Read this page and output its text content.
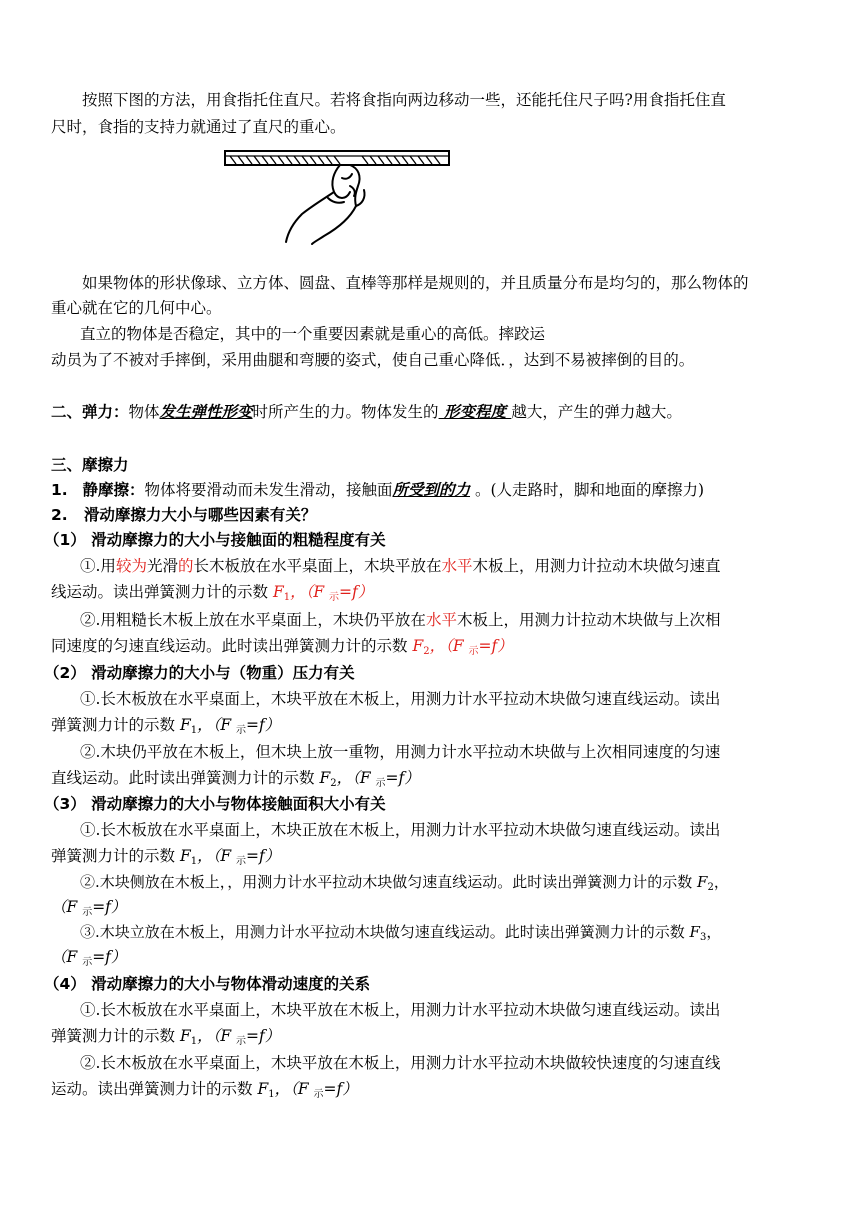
按照下图的方法，用食指托住直尺。若将食指向两边移动一些，还能托住尺子吗?用食指托住直
尺时，食指的支持力就通过了直尺的重心。
如果物体的形状像球、立方体、圆盘、直棒等那样是规则的，并且质量分布是均匀的，那么物体的
重心就在它的几何中心。
直立的物体是否稳定，其中的一个重要因素就是重心的高低。摔跤运
动员为了不被对手摔倒，采用曲腿和弯腰的姿式，使自己重心降低．，达到不易被摔倒的目的。
二、弹力：物体发生弹性形变时所产生的力。物体发生的 形变程度 越大，产生的弹力越大。
三、摩擦力
1. 静摩擦：物体将要滑动而未发生滑动，接触面所受到的力 。(人走路时，脚和地面的摩擦力)
2. 滑动摩擦力大小与哪些因素有关？
（1） 滑动摩擦力的大小与接触面的粗糙程度有关
①.用较为光滑的长木板放在水平桌面上，木块平放在水平木板上，用测力计拉动木块做匀速直
线运动。读出弹簧测力计的示数 $F_1$，（F $_示$=f）
②.用粗糙长木板上放在水平桌面上，木块仍平放在水平木板上，用测力计拉动木块做与上次相
同速度的匀速直线运动。此时读出弹簧测力计的示数 $F_2$，（F $_示$=f）
（2） 滑动摩擦力的大小与（物重）压力有关
①.长木板放在水平桌面上，木块平放在木板上，用测力计水平拉动木块做匀速直线运动。读出
弹簧测力计的示数 $F_1$，（F $_示$=f）
②.木块仍平放在木板上，但木块上放一重物，用测力计水平拉动木块做与上次相同速度的匀速
直线运动。此时读出弹簧测力计的示数 $F_2$，（F $_示$=f）
（3） 滑动摩擦力的大小与物体接触面积大小有关
①.长木板放在水平桌面上，木块正放在木板上，用测力计水平拉动木块做匀速直线运动。读出
弹簧测力计的示数 $F_1$，（F $_示$=f）
②.木块侧放在木板上，，用测力计水平拉动木块做匀速直线运动。此时读出弹簧测力计的示数 $F_2$，
（F $_示$=f）
③.木块立放在木板上，用测力计水平拉动木块做匀速直线运动。此时读出弹簧测力计的示数 $F_3$，
（F $_示$=f）
（4） 滑动摩擦力的大小与物体滑动速度的关系
①.长木板放在水平桌面上，木块平放在木板上，用测力计水平拉动木块做匀速直线运动。读出
弹簧测力计的示数 $F_1$，（F $_示$=f）
②.长木板放在水平桌面上，木块平放在木板上，用测力计水平拉动木块做较快速度的匀速直线
运动。读出弹簧测力计的示数 $F_1$，（F $_示$=f）
